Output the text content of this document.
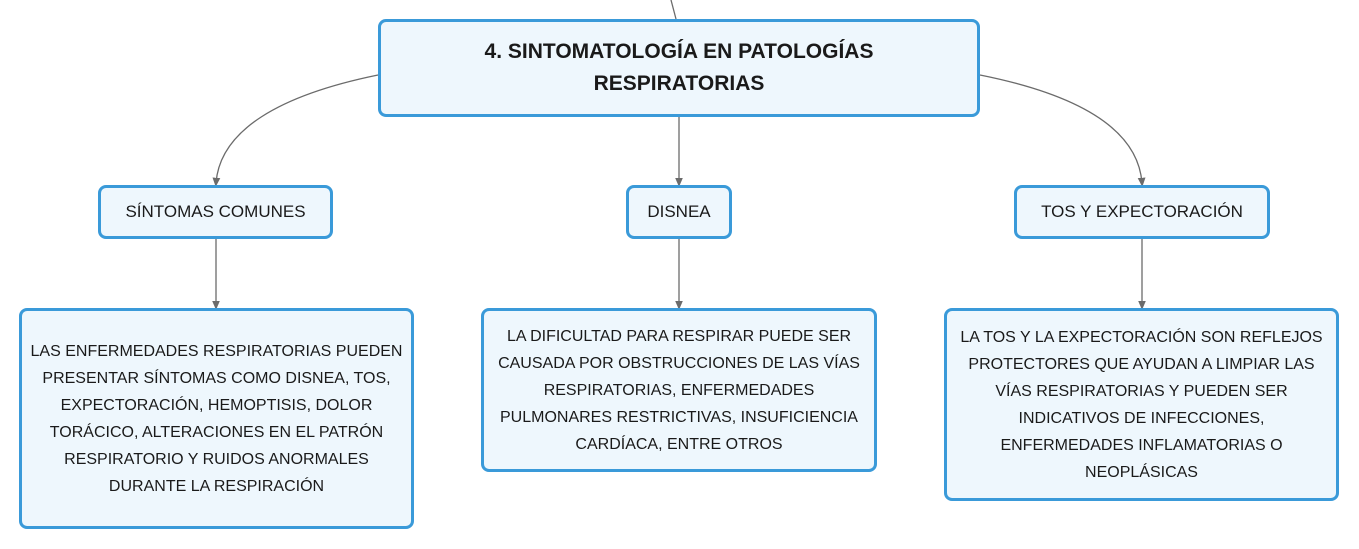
4. SINTOMATOLOGÍA EN PATOLOGÍAS RESPIRATORIAS
SÍNTOMAS COMUNES	DISNEA	TOS Y EXPECTORACIÓN
LAS ENFERMEDADES RESPIRATORIAS PUEDEN PRESENTAR SÍNTOMAS COMO DISNEA, TOS, EXPECTORACIÓN, HEMOPTISIS, DOLOR TORÁCICO, ALTERACIONES EN EL PATRÓN RESPIRATORIO Y RUIDOS ANORMALES DURANTE LA RESPIRACIÓN
LA DIFICULTAD PARA RESPIRAR PUEDE SER CAUSADA POR OBSTRUCCIONES DE LAS VÍAS RESPIRATORIAS, ENFERMEDADES PULMONARES RESTRICTIVAS, INSUFICIENCIA CARDÍACA, ENTRE OTROS
LA TOS Y LA EXPECTORACIÓN SON REFLEJOS PROTECTORES QUE AYUDAN A LIMPIAR LAS VÍAS RESPIRATORIAS Y PUEDEN SER INDICATIVOS DE INFECCIONES, ENFERMEDADES INFLAMATORIAS O NEOPLÁSICAS
